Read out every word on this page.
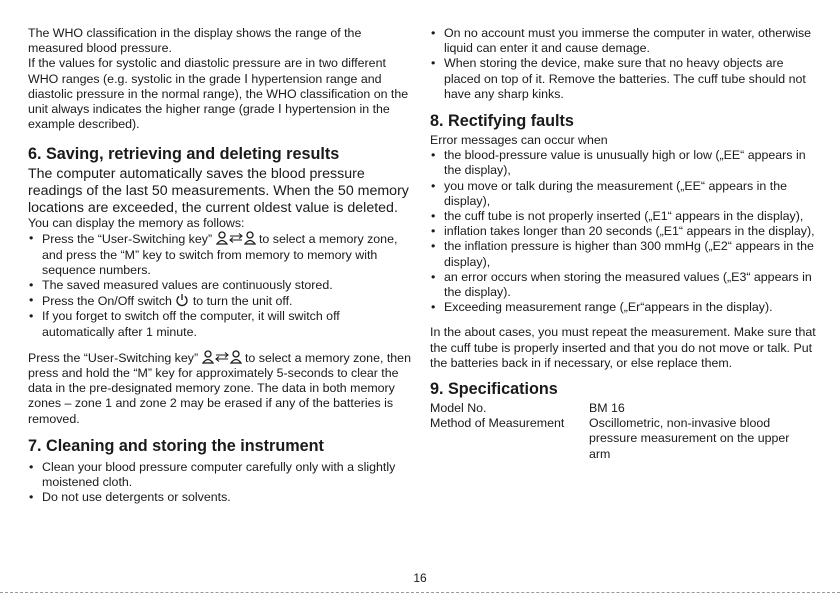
The WHO classification in the display shows the range of the measured blood pressure.

If the values for systolic and diastolic pressure are in two different WHO ranges (e.g. systolic in the grade Ⅰ hypertension range and diastolic pressure in the normal range), the WHO classification on the unit always indicates the higher range (grade Ⅰ hypertension in the example described).

6. Saving, retrieving and deleting results

The computer automatically saves the blood pressure readings of the last 50 measurements. When the 50 memory locations are exceeded, the current oldest value is deleted.

You can display the memory as follows:

• Press the “User-Switching key”	to select a memory zone, and press the “M” key to switch from memory to memory with sequence numbers.
• The saved measured values are continuously stored.
• Press the On/Off switch to turn the unit off.
• If you forget to switch off the computer, it will switch off automatically after 1 minute.

Press the “User-Switching key”	to select a memory zone, then press and hold the “M” key for approximately 5-seconds to clear the data in the pre-designated memory zone. The data in both memory zones – zone 1 and zone 2 may be erased if any of the batteries is removed.

7. Cleaning and storing the instrument
• Clean your blood pressure computer carefully only with a slightly moistened cloth.
• Do not use detergents or solvents.
• On no account must you immerse the computer in water, otherwise liquid can enter it and cause demage.
• When storing the device, make sure that no heavy objects are placed on top of it. Remove the batteries. The cuff tube should not have any sharp kinks.
8. Rectifying faults

Error messages can occur when

• the blood-pressure value is unusually high or low („EE“ appears in the display),
• you move or talk during the measurement („EE“ appears in the display),
• the cuff tube is not properly inserted („E1“ appears in the display),
• inflation takes longer than 20 seconds („E1“ appears in the display),
• the inflation pressure is higher than 300 mmHg („E2“ appears in the display),
• an error occurs when storing the measured values („E3“ appears in the display).
• Exceeding measurement range („Er“appears in the display).

In the about cases, you must repeat the measurement. Make sure that the cuff tube is properly inserted and that you do not move or talk. Put the batteries back in if necessary, or else replace them.

9. Specifications
Model No.	BM 16
Method of Measurement	Oscillometric, non-invasive blood pressure measurement on the upper arm
16
